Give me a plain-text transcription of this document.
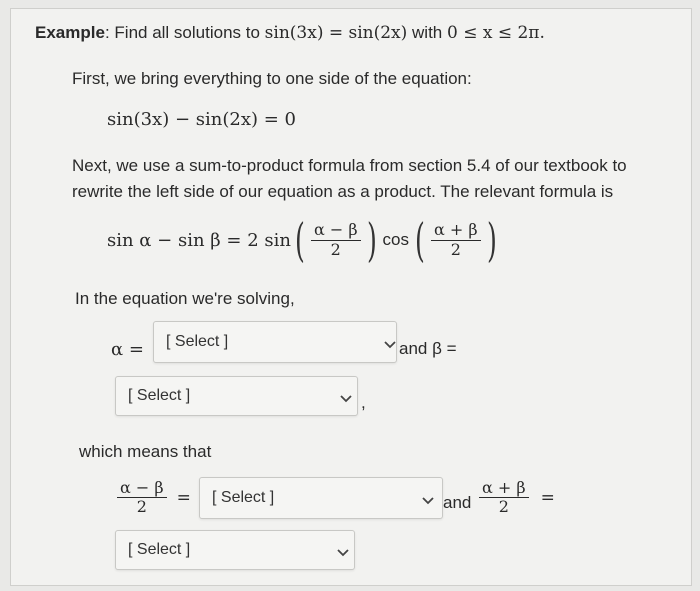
Example: Find all solutions to sin(3x) = sin(2x) with 0 ≤ x ≤ 2π.
First, we bring everything to one side of the equation:
sin(3x) − sin(2x) = 0
Next, we use a sum-to-product formula from section 5.4 of our textbook to
rewrite the left side of our equation as a product. The relevant formula is
sin α − sin β = 2 sin ( $\frac{\alpha - \beta}{2}$ ) cos ( $\frac{\alpha + \beta}{2}$ )
In the equation we're solving,
α = [ Select ]	and β =
[ Select ]	,
which means that
$\frac{\alpha - \beta}{2}$ = [ Select ]	and $\frac{\alpha + \beta}{2}$ =
[ Select ]
